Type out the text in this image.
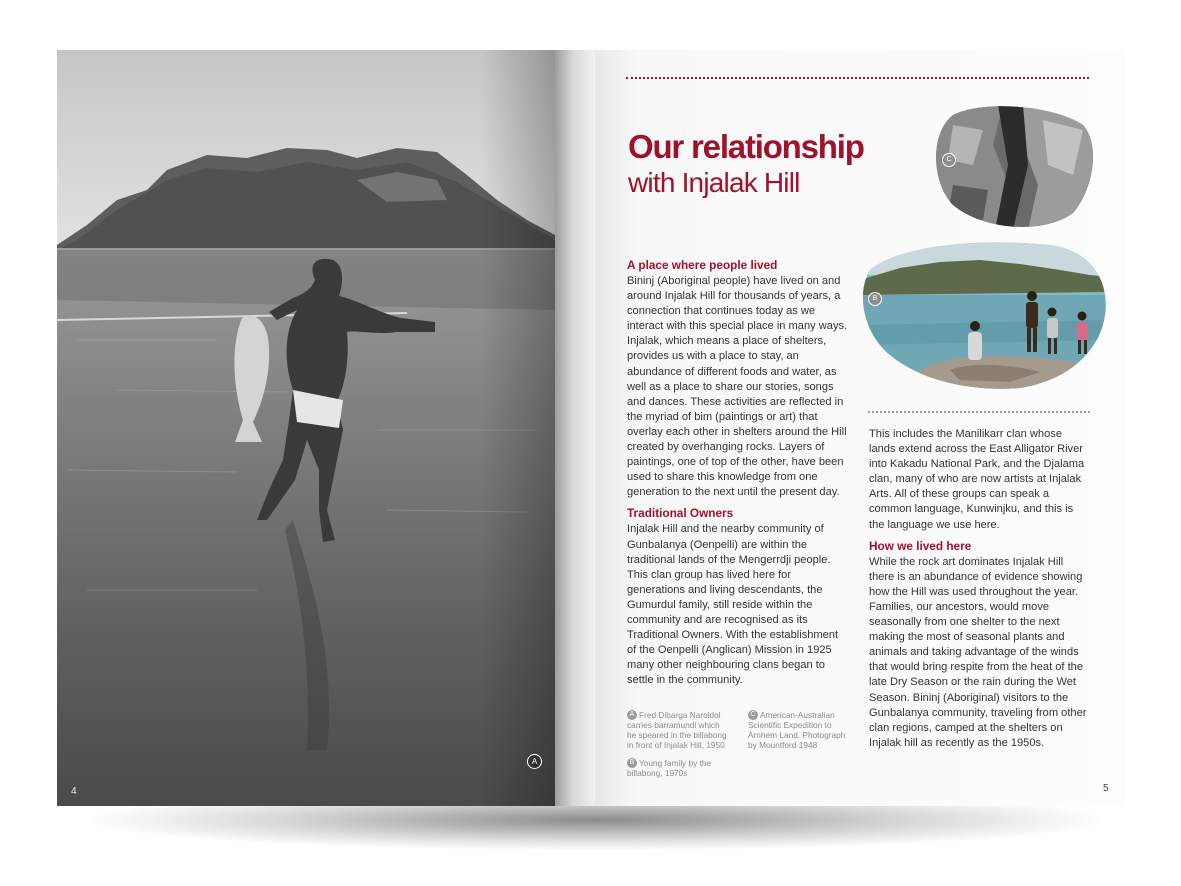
4
A
Our relationship
with Injalak Hill
C
B
A place where people lived

Bininj (Aboriginal people) have lived on and around Injalak Hill for thousands of years, a connection that continues today as we interact with this special place in many ways. Injalak, which means a place of shelters, provides us with a place to stay, an abundance of different foods and water, as well as a place to share our stories, songs and dances. These activities are reflected in the myriad of bim (paintings or art) that overlay each other in shelters around the Hill created by overhanging rocks. Layers of paintings, one of top of the other, have been used to share this knowledge from one generation to the next until the present day.

Traditional Owners

Injalak Hill and the nearby community of Gunbalanya (Oenpelli) are within the traditional lands of the Mengerrdji people. This clan group has lived here for generations and living descendants, the Gumurdul family, still reside within the community and are recognised as its Traditional Owners. With the establishment of the Oenpelli (Anglican) Mission in 1925 many other neighbouring clans began to settle in the community.

This includes the Manilikarr clan whose lands extend across the East Alligator River into Kakadu National Park, and the Djalama clan, many of who are now artists at Injalak Arts. All of these groups can speak a common language, Kunwinjku, and this is the language we use here.

How we lived here

While the rock art dominates Injalak Hill there is an abundance of evidence showing how the Hill was used throughout the year. Families, our ancestors, would move seasonally from one shelter to the next making the most of seasonal plants and animals and taking advantage of the winds that would bring respite from the heat of the late Dry Season or the rain during the Wet Season. Bininj (Aboriginal) visitors to the Gunbalanya community, traveling from other clan regions, camped at the shelters on Injalak hill as recently as the 1950s.

A Fred Dibarga Naroldol carries barramundi which he speared in the billabong in front of Injalak Hill, 1950
B Young family by the billabong, 1970s
C American-Australian Scientific Expedition to Arnhem Land. Photograph by Mountford 1948
5
